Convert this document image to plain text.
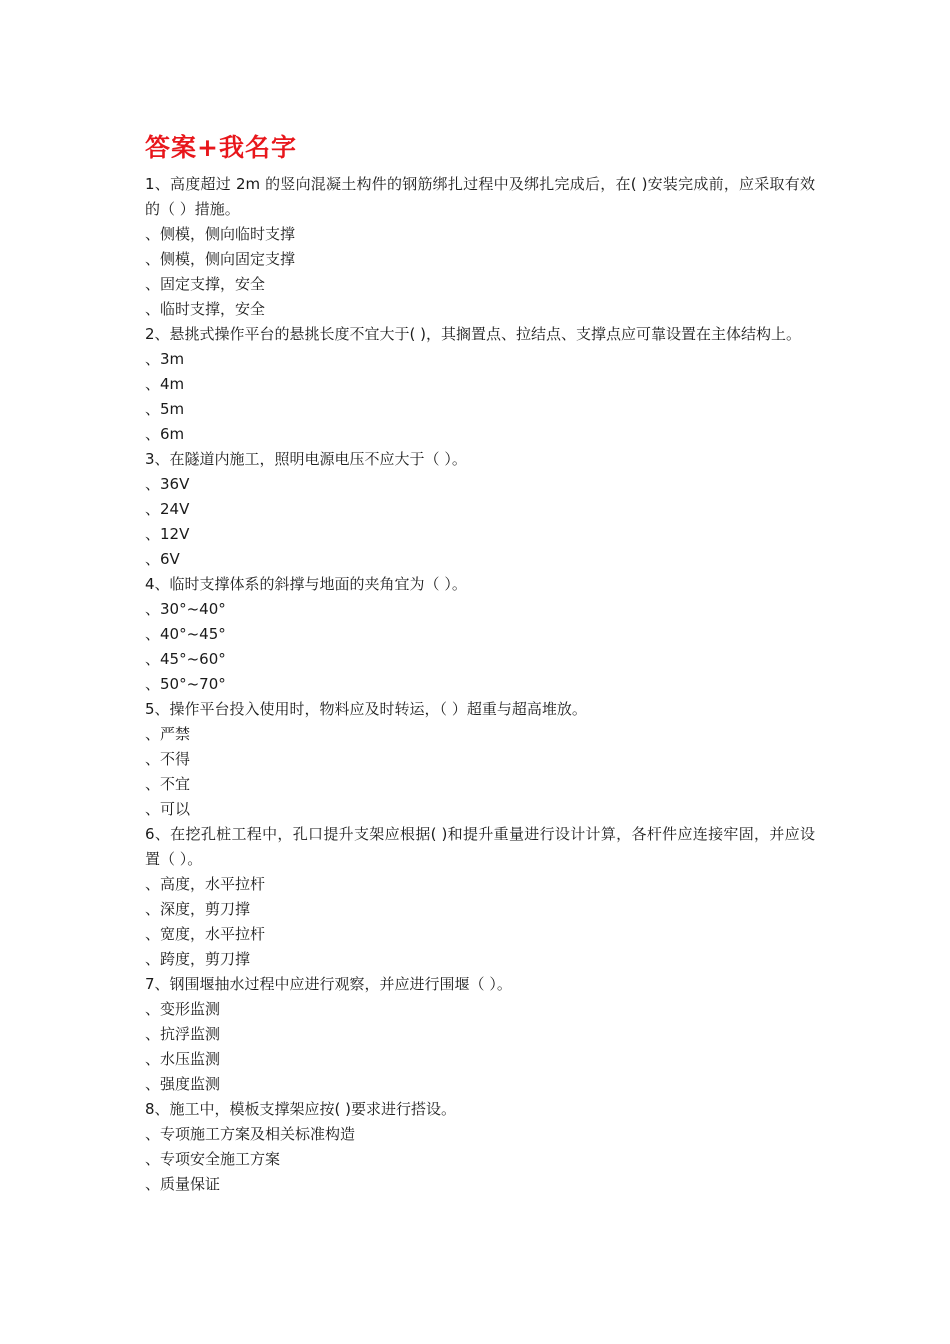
答案+我名字

1、高度超过 2m 的竖向混凝土构件的钢筋绑扎过程中及绑扎完成后，在( )安装完成前，应采取有效的（ ）措施。

、侧模，侧向临时支撑

、侧模，侧向固定支撑

、固定支撑，安全

、临时支撑，安全

2、悬挑式操作平台的悬挑长度不宜大于( )，其搁置点、拉结点、支撑点应可靠设置在主体结构上。

、3m

、4m

、5m

、6m

3、在隧道内施工，照明电源电压不应大于（ ）。

、36V

、24V

、12V

、6V

4、临时支撑体系的斜撑与地面的夹角宜为（ ）。

、30°~40°

、40°~45°

、45°~60°

、50°~70°

5、操作平台投入使用时，物料应及时转运，（ ）超重与超高堆放。

、严禁

、不得

、不宜

、可以

6、在挖孔桩工程中，孔口提升支架应根据( )和提升重量进行设计计算，各杆件应连接牢固，并应设置（ ）。

、高度，水平拉杆

、深度，剪刀撑

、宽度，水平拉杆

、跨度，剪刀撑

7、钢围堰抽水过程中应进行观察，并应进行围堰（ ）。

、变形监测

、抗浮监测

、水压监测

、强度监测

8、施工中，模板支撑架应按( )要求进行搭设。

、专项施工方案及相关标准构造

、专项安全施工方案

、质量保证
